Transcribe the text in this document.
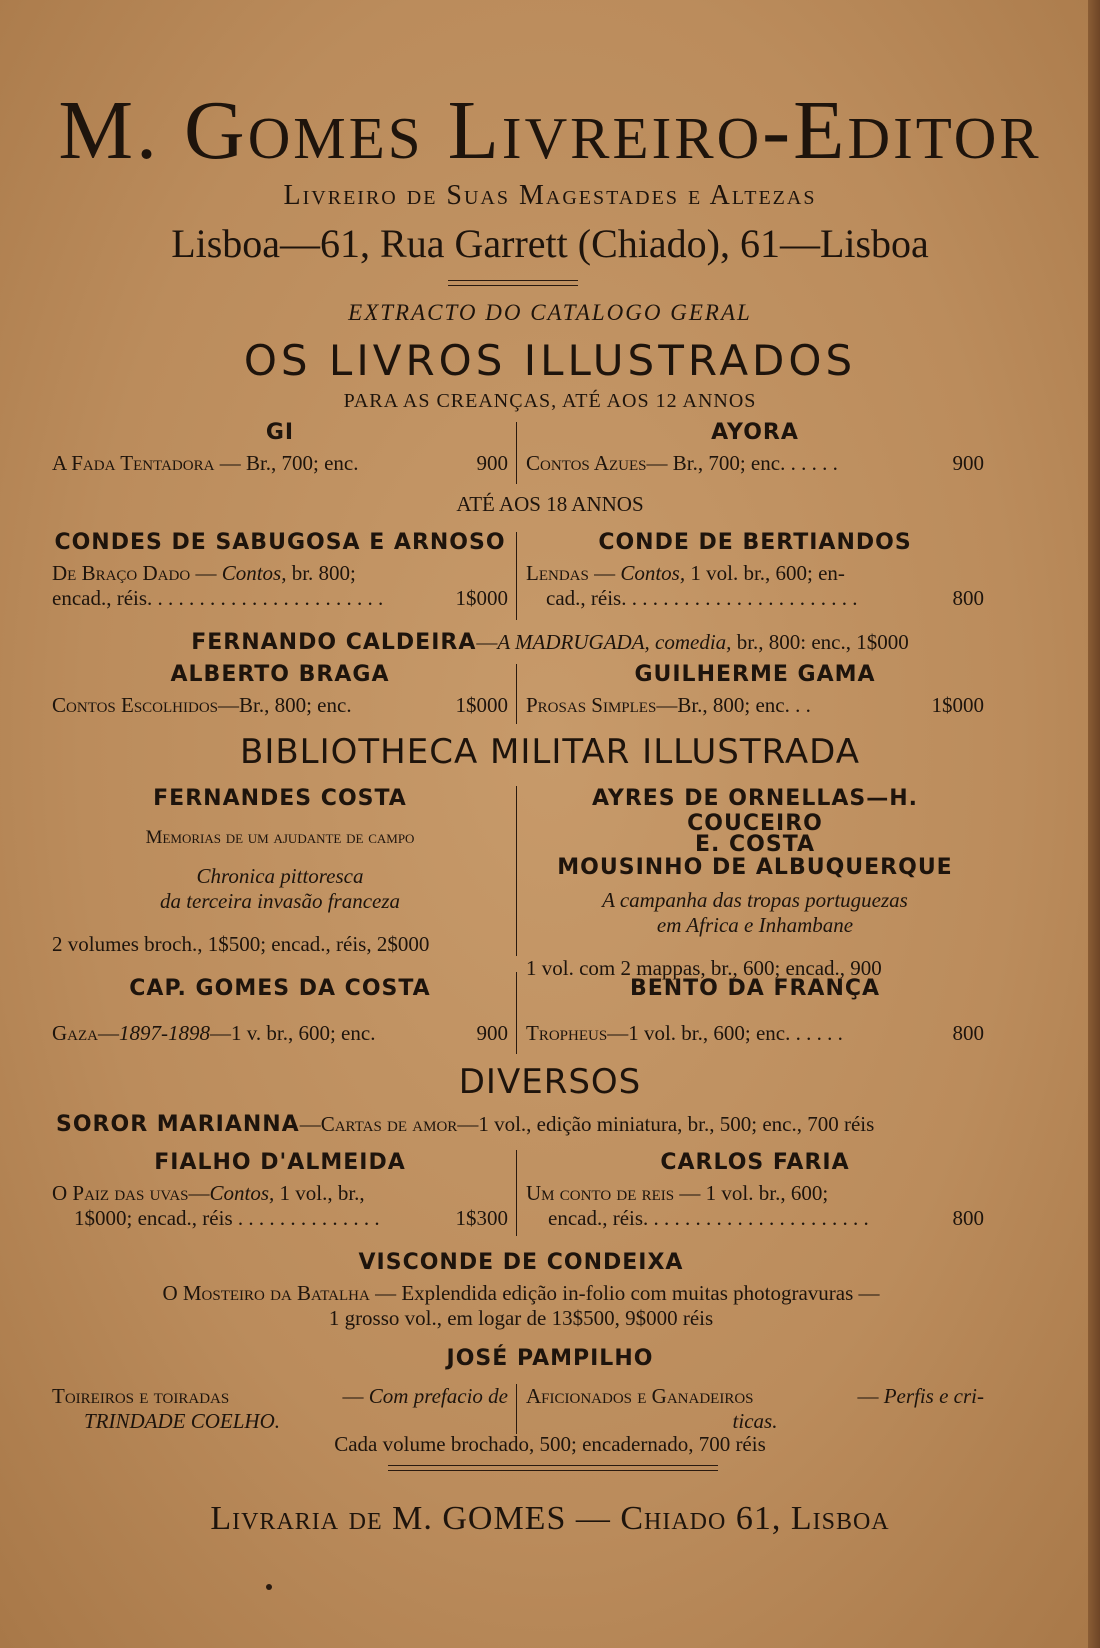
M. Gomes Livreiro-Editor
Livreiro de Suas Magestades e Altezas
Lisboa—61, Rua Garrett (Chiado), 61—Lisboa
EXTRACTO DO CATALOGO GERAL
OS LIVROS ILLUSTRADOS
PARA AS CREANÇAS, ATÉ AOS 12 ANNOS
GI
A Fada Tentadora — Br., 700; enc.	900
AYORA
Contos Azues— Br., 700; enc. . . . . .	900
ATÉ AOS 18 ANNOS
CONDES DE SABUGOSA E ARNOSO
De Braço Dado — Contos, br. 800;
encad., réis. . . . . . . . . . . . . . . . . . . . . . .	1$000
CONDE DE BERTIANDOS
Lendas — Contos, 1 vol. br., 600; en-
cad., réis. . . . . . . . . . . . . . . . . . . . . . .	800
FERNANDO CALDEIRA—A MADRUGADA, comedia, br., 800: enc., 1$000
ALBERTO BRAGA
Contos Escolhidos—Br., 800; enc.	1$000
GUILHERME GAMA
Prosas Simples—Br., 800; enc. . .	1$000
BIBLIOTHECA MILITAR ILLUSTRADA
FERNANDES COSTA
Memorias de um ajudante de campo
Chronica pittoresca
da terceira invasão franceza
2 volumes broch., 1$500; encad., réis, 2$000
AYRES DE ORNELLAS—H. COUCEIRO
E. COSTA
MOUSINHO DE ALBUQUERQUE
A campanha das tropas portuguezas
em Africa e Inhambane
1 vol. com 2 mappas, br., 600; encad., 900
CAP. GOMES DA COSTA
Gaza—1897-1898—1 v. br., 600; enc.	900
BENTO DA FRANÇA
Tropheus—1 vol. br., 600; enc. . . . . .	800
DIVERSOS
SOROR MARIANNA—Cartas de amor—1 vol., edição miniatura, br., 500; enc., 700 réis
FIALHO D'ALMEIDA
O Paiz das uvas—Contos, 1 vol., br.,
1$000; encad., réis . . . . . . . . . . . . . .	1$300
CARLOS FARIA
Um conto de reis — 1 vol. br., 600;
encad., réis. . . . . . . . . . . . . . . . . . . . . .	800
VISCONDE DE CONDEIXA
O Mosteiro da Batalha — Explendida edição in-folio com muitas photogravuras —
1 grosso vol., em logar de 13$500, 9$000 réis
JOSÉ PAMPILHO
Toireiros e toiradas	— Com prefacio de
TRINDADE COELHO.
Aficionados e Ganadeiros	— Perfis e cri-
ticas.
Cada volume brochado, 500; encadernado, 700 réis
Livraria de M. GOMES — Chiado 61, Lisboa
